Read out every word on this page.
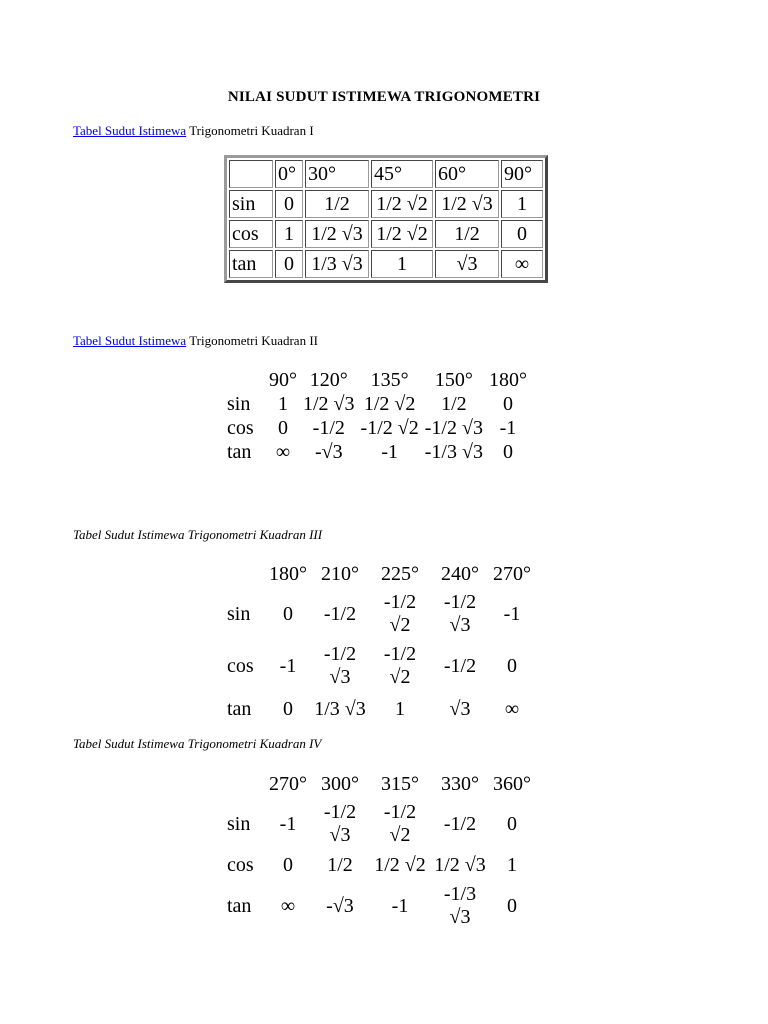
NILAI SUDUT ISTIMEWA TRIGONOMETRI
Tabel Sudut Istimewa Trigonometri Kuadran I
	0°	30°	45°	60°	90°
sin	0	1/2	1/2 √2	1/2 √3	1
cos	1	1/2 √3	1/2 √2	1/2	0
tan	0	1/3 √3	1	√3	∞
Tabel Sudut Istimewa Trigonometri Kuadran II
	90°	120°	135°	150°	180°
sin	1	1/2 √3	1/2 √2	1/2	0
cos	0	-1/2	-1/2 √2	-1/2 √3	-1
tan	∞	-√3	-1	-1/3 √3	0
Tabel Sudut Istimewa Trigonometri Kuadran III
	180°	210°	225°	240°	270°
sin	0	-1/2	-1/2 √2	-1/2 √3	-1
cos	-1	-1/2 √3	-1/2 √2	-1/2	0
tan	0	1/3 √3	1	√3	∞
Tabel Sudut Istimewa Trigonometri Kuadran IV
	270°	300°	315°	330°	360°
sin	-1	-1/2 √3	-1/2 √2	-1/2	0
cos	0	1/2	1/2 √2	1/2 √3	1
tan	∞	-√3	-1	-1/3 √3	0
